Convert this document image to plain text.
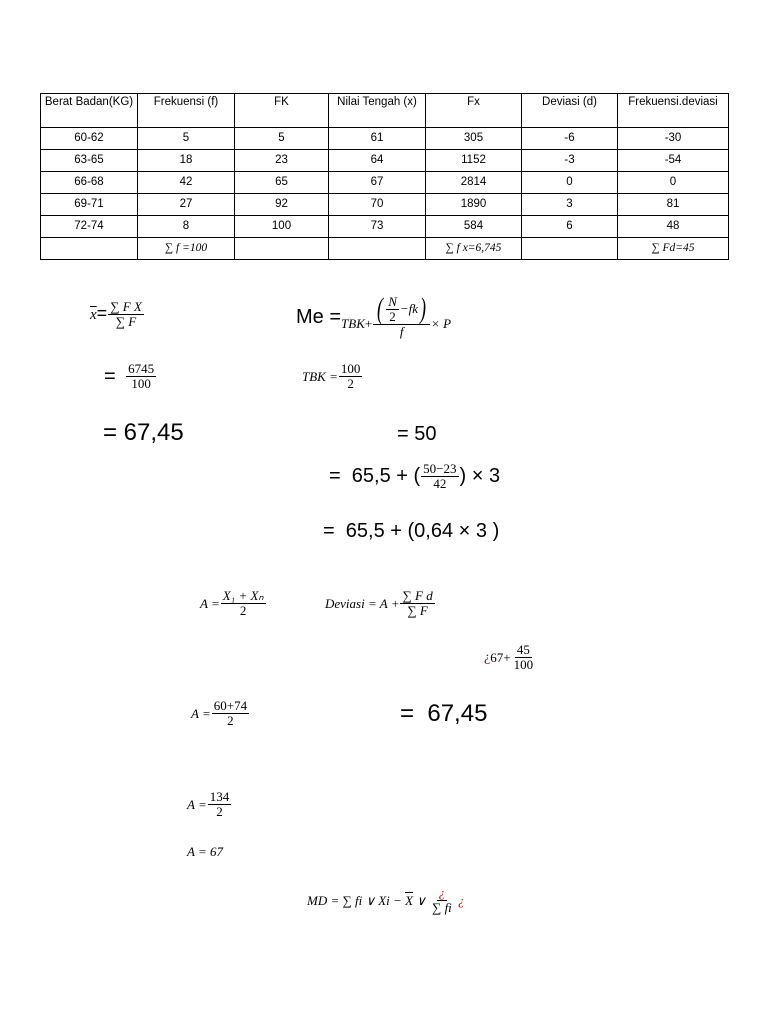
Berat Badan(KG)	Frekuensi (f)	FK	Nilai Tengah (x)	Fx	Deviasi (d)	Frekuensi.deviasi
60-62	5	5	61	305	-6	-30
63-65	18	23	64	1152	-3	-54
66-68	42	65	67	2814	0	0
69-71	27	92	70	1890	3	81
72-74	8	100	73	584	6	48
	∑ f =100			∑ f x=6,745		∑ Fd=45
$\overline{x}= \frac{\text{∑ F X}}{\sum F}$
= $\frac{6745}{100}$
= 67,45
Me = TBK + $\frac{( \frac{N}{2} -fk )}{f} \times P$
TBK = $\frac{100}{2}$
= 50
=  65,5 + ( $\frac{50-23}{42}$ ) × 3
=  65,5 + (0,64 × 3 )
$A = \frac{\text{X₁ + Xₙ}}{2}$	Deviasi = $A + \frac{\text{∑ F d}}{\sum F}$
¿ $67+ \frac{45}{100}$
$A = \frac{60+74}{2}$	=  67,45
$A = \frac{134}{2}$
A = 67
MD = ∑ fi ∨ $Xi - \overline{X}$ ∨ $\frac{¿}{\sum fi}$ ¿
